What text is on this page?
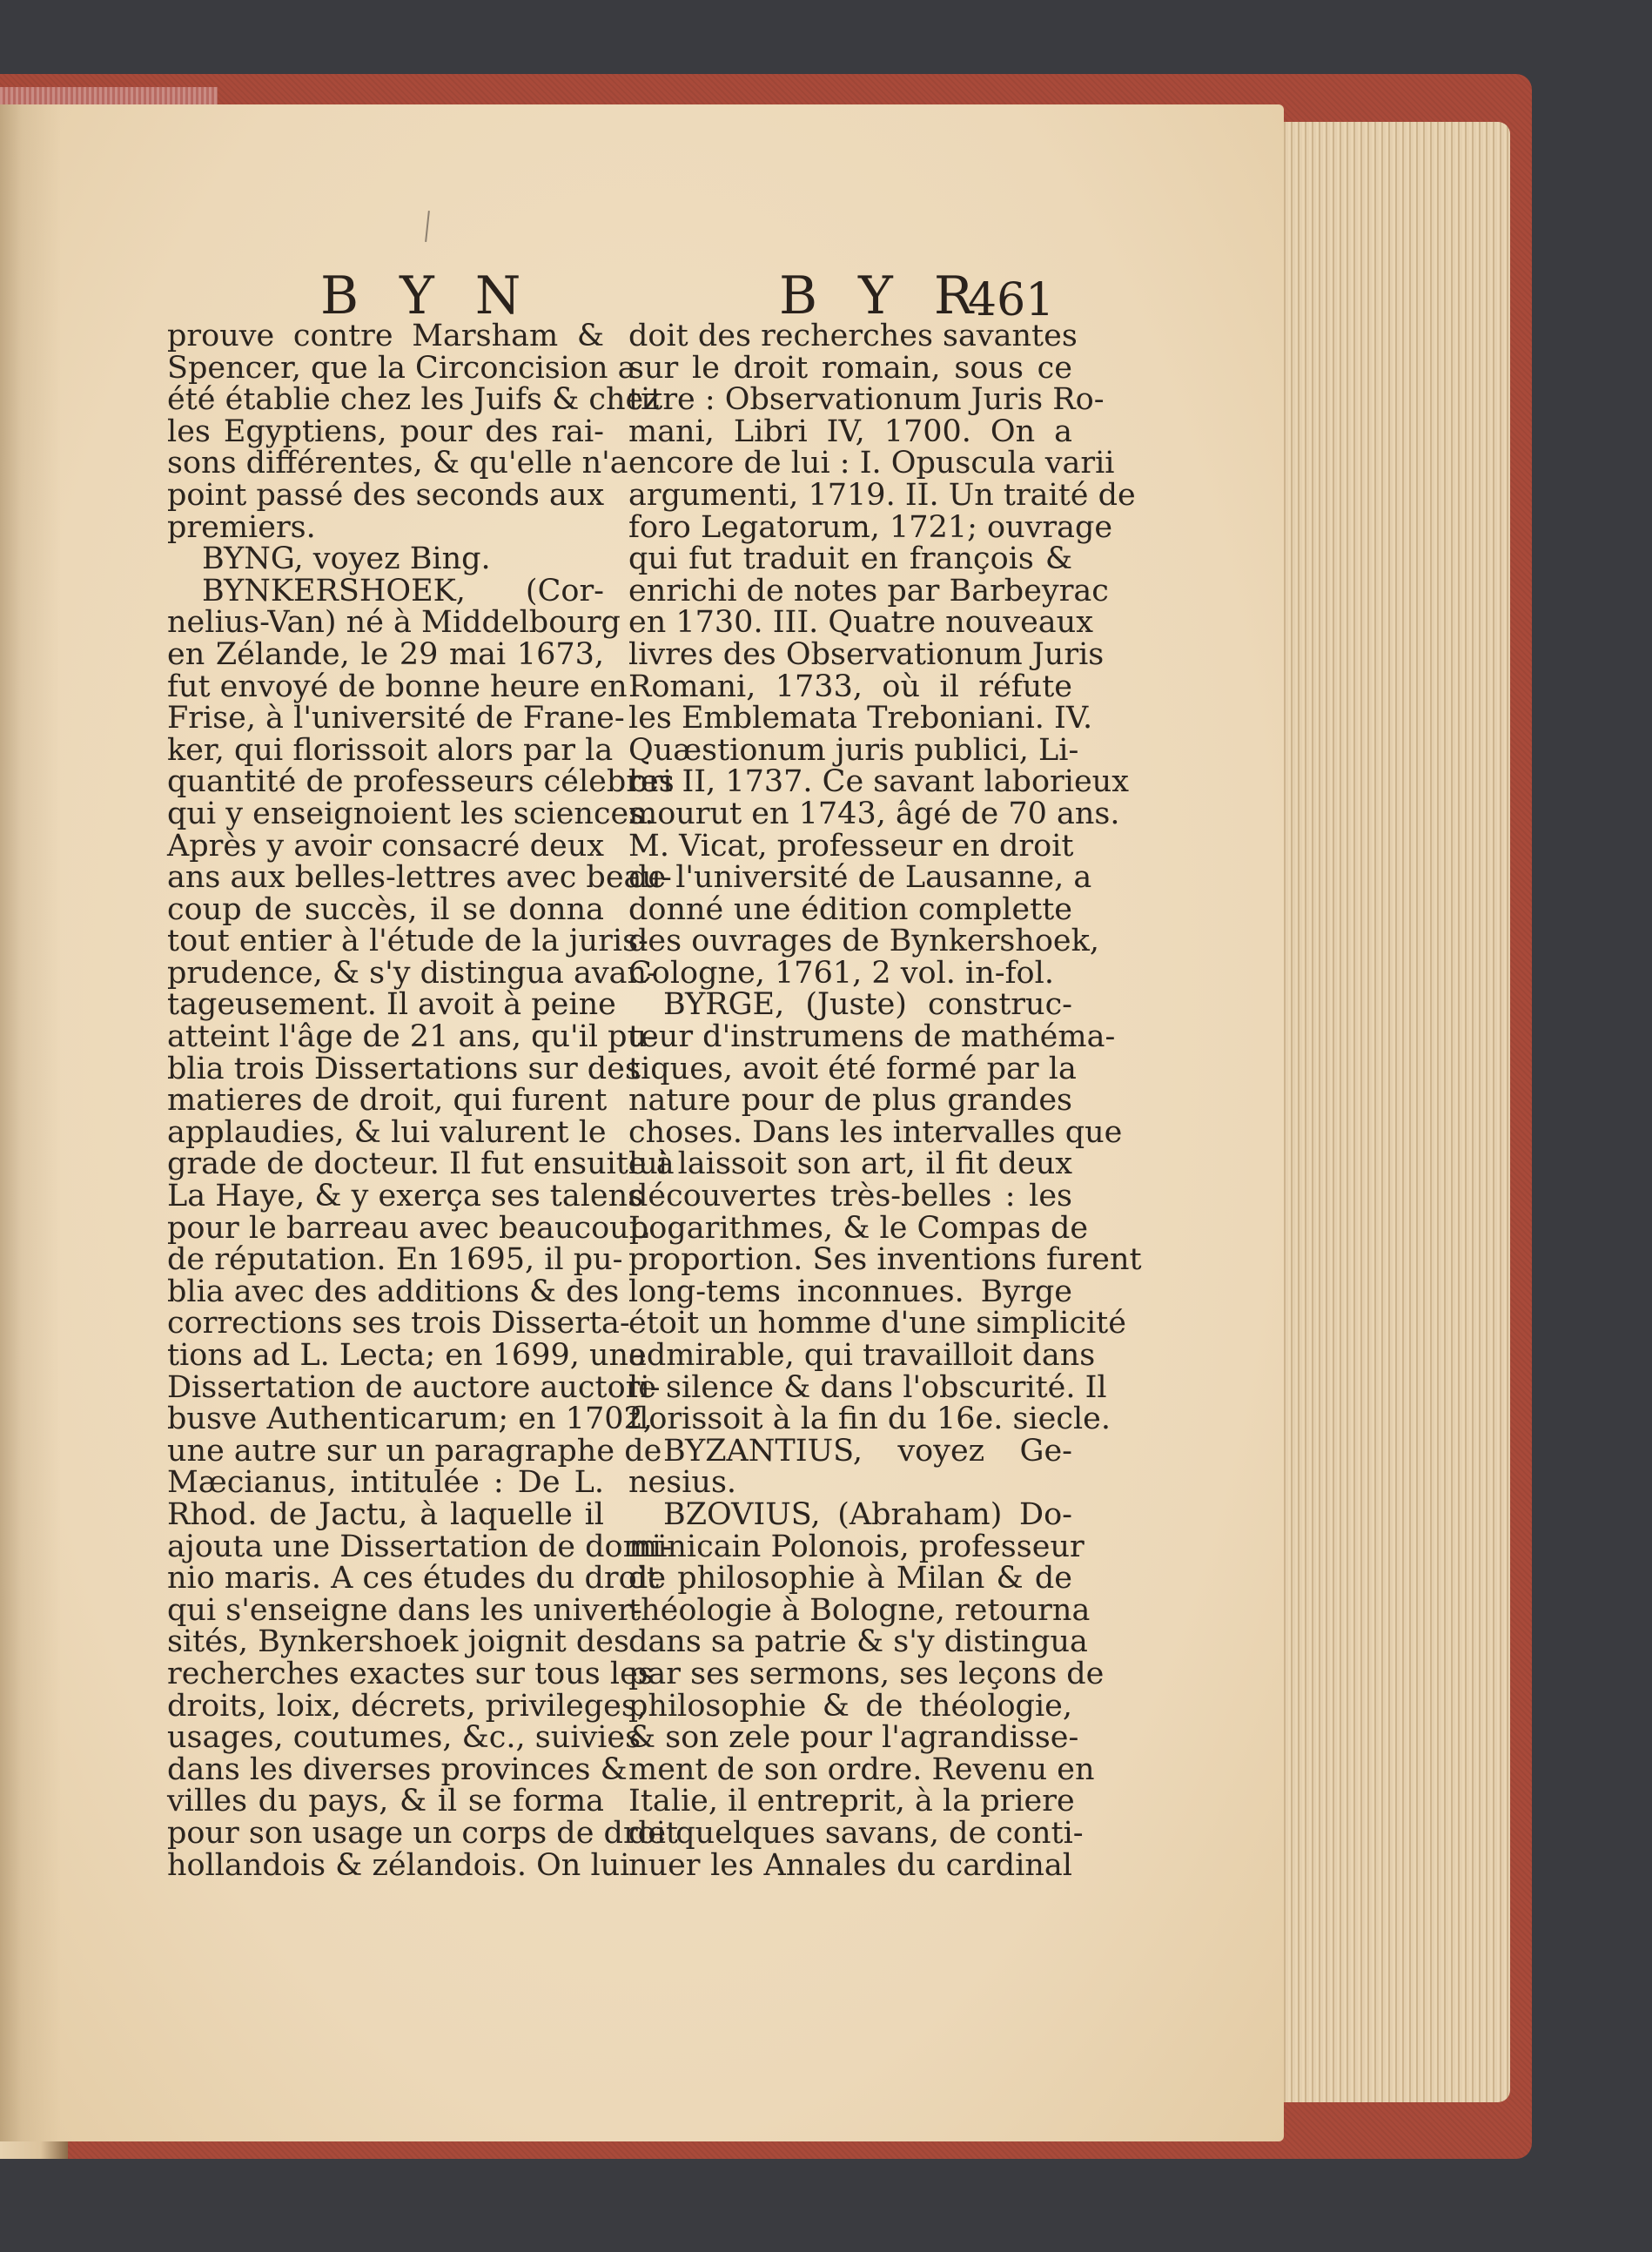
B Y N	B Y R
461
prouve contre Marsham &
Spencer, que la Circoncision a
été établie chez les Juifs & chez
les Egyptiens, pour des rai-
sons différentes, & qu'elle n'a
point passé des seconds aux
premiers.
BYNG, voyez Bing.
BYNKERSHOEK, (Cor-
nelius-Van) né à Middelbourg
en Zélande, le 29 mai 1673,
fut envoyé de bonne heure en
Frise, à l'université de Frane-
ker, qui florissoit alors par la
quantité de professeurs célebres
qui y enseignoient les sciences.
Après y avoir consacré deux
ans aux belles-lettres avec beau-
coup de succès, il se donna
tout entier à l'étude de la juris-
prudence, & s'y distingua avan-
tageusement. Il avoit à peine
atteint l'âge de 21 ans, qu'il pu-
blia trois Dissertations sur des
matieres de droit, qui furent
applaudies, & lui valurent le
grade de docteur. Il fut ensuite à
La Haye, & y exerça ses talens
pour le barreau avec beaucoup
de réputation. En 1695, il pu-
blia avec des additions & des
corrections ses trois Disserta-
tions ad L. Lecta; en 1699, une
Dissertation de auctore auctori-
busve Authenticarum; en 1702,
une autre sur un paragraphe de
Mæcianus, intitulée : De L.
Rhod. de Jactu, à laquelle il
ajouta une Dissertation de domi-
nio maris. A ces études du droit
qui s'enseigne dans les univer-
sités, Bynkershoek joignit des
recherches exactes sur tous les
droits, loix, décrets, privileges,
usages, coutumes, &c., suivies
dans les diverses provinces &
villes du pays, & il se forma
pour son usage un corps de droit
hollandois & zélandois. On lui
doit des recherches savantes
sur le droit romain, sous ce
titre : Observationum Juris Ro-
mani, Libri IV, 1700. On a
encore de lui : I. Opuscula varii
argumenti, 1719. II. Un traité de
foro Legatorum, 1721; ouvrage
qui fut traduit en françois &
enrichi de notes par Barbeyrac
en 1730. III. Quatre nouveaux
livres des Observationum Juris
Romani, 1733, où il réfute
les Emblemata Treboniani. IV.
Quæstionum juris publici, Li-
bri II, 1737. Ce savant laborieux
mourut en 1743, âgé de 70 ans.
M. Vicat, professeur en droit
de l'université de Lausanne, a
donné une édition complette
des ouvrages de Bynkershoek,
Cologne, 1761, 2 vol. in-fol.
BYRGE, (Juste) construc-
teur d'instrumens de mathéma-
tiques, avoit été formé par la
nature pour de plus grandes
choses. Dans les intervalles que
lui laissoit son art, il fit deux
découvertes très-belles : les
Logarithmes, & le Compas de
proportion. Ses inventions furent
long-tems inconnues. Byrge
étoit un homme d'une simplicité
admirable, qui travailloit dans
le silence & dans l'obscurité. Il
florissoit à la fin du 16e. siecle.
BYZANTIUS, voyez Ge-
nesius.
BZOVIUS, (Abraham) Do-
minicain Polonois, professeur
de philosophie à Milan & de
théologie à Bologne, retourna
dans sa patrie & s'y distingua
par ses sermons, ses leçons de
philosophie & de théologie,
& son zele pour l'agrandisse-
ment de son ordre. Revenu en
Italie, il entreprit, à la priere
de quelques savans, de conti-
nuer les Annales du cardinal
